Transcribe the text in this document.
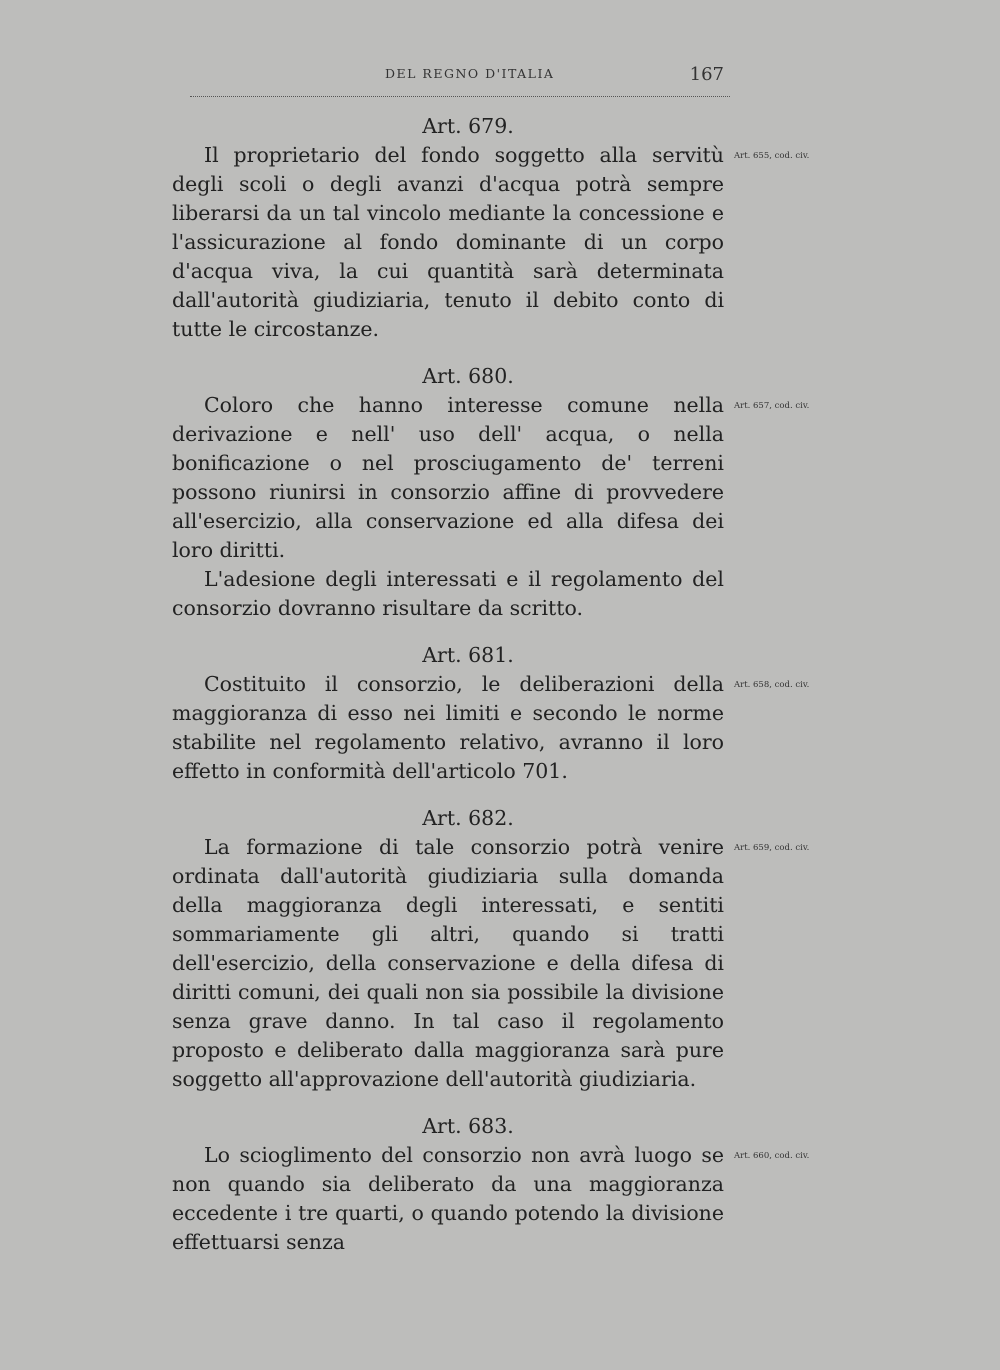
DEL REGNO D'ITALIA	167

Art. 679.

Il proprietario del fondo soggetto alla servitù degli scoli o degli avanzi d'acqua potrà sempre liberarsi da un tal vincolo mediante la concessione e l'assicurazione al fondo dominante di un corpo d'acqua viva, la cui quantità sarà determinata dall'autorità giudiziaria, tenuto il debito conto di tutte le circostanze.

Art. 655, cod. civ.

Art. 680.

Coloro che hanno interesse comune nella derivazione e nell' uso dell' acqua, o nella bonificazione o nel prosciugamento de' terreni possono riunirsi in consorzio affine di provvedere all'esercizio, alla conservazione ed alla difesa dei loro diritti.

L'adesione degli interessati e il regolamento del consorzio dovranno risultare da scritto.

Art. 657, cod. civ.

Art. 681.

Costituito il consorzio, le deliberazioni della maggioranza di esso nei limiti e secondo le norme stabilite nel regolamento relativo, avranno il loro effetto in conformità dell'articolo 701.

Art. 658, cod. civ.

Art. 682.

La formazione di tale consorzio potrà venire ordinata dall'autorità giudiziaria sulla domanda della maggioranza degli interessati, e sentiti sommariamente gli altri, quando si tratti dell'esercizio, della conservazione e della difesa di diritti comuni, dei quali non sia possibile la divisione senza grave danno. In tal caso il regolamento proposto e deliberato dalla maggioranza sarà pure soggetto all'approvazione dell'autorità giudiziaria.

Art. 659, cod. civ.

Art. 683.

Lo scioglimento del consorzio non avrà luogo se non quando sia deliberato da una maggioranza eccedente i tre quarti, o quando potendo la divisione effettuarsi senza

Art. 660, cod. civ.
